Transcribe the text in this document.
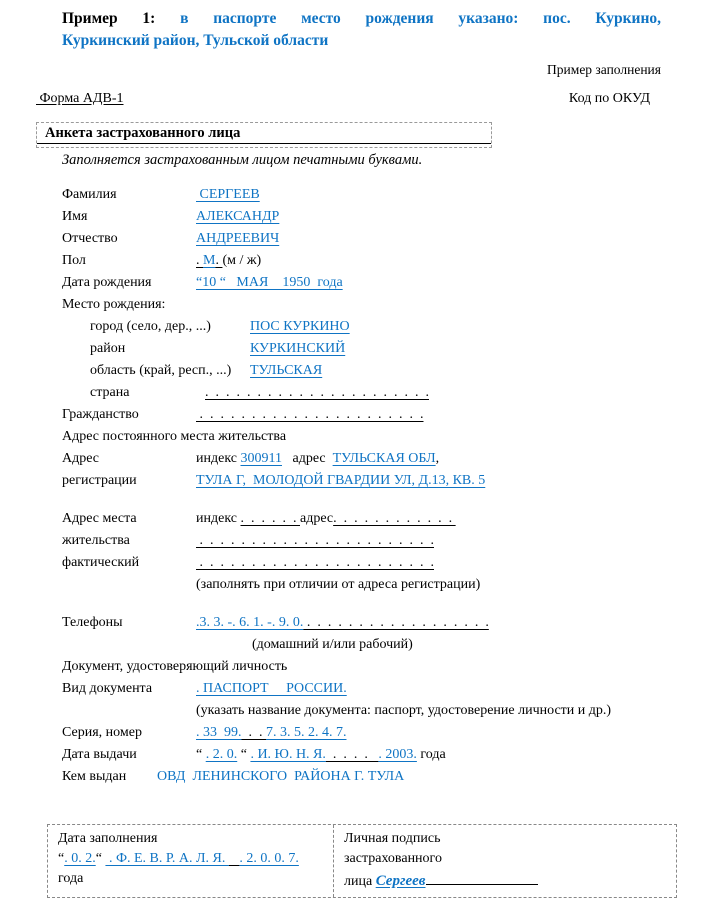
Пример 1: в паспорте место рождения указано: пос. Куркино,
Куркинский район, Тульской области
Пример заполнения
Форма АДВ-1	Код по ОКУД
Анкета застрахованного лица
Заполняется застрахованным лицом печатными буквами.
Фамилия	СЕРГЕЕВ
Имя	АЛЕКСАНДР
Отчество	АНДРЕЕВИЧ
Пол	. М. (м / ж)
Дата рождения	“10 “   МАЯ    1950  года
Место рождения:
город (село, дер., ...)	ПОС КУРКИНО
район	КУРКИНСКИЙ
область (край, респ., ...)	ТУЛЬСКАЯ
страна	.  .  .  .  .  .  .  .  .  .  .  .  .  .  .  .  .  .  .  .  .  .
Гражданство	.  .  .  .  .  .  .  .  .  .  .  .  .  .  .  .  .  .  .  .  .  .
Адрес постоянного места жительства
Адрес	индекс 300911   адрес  ТУЛЬСКАЯ ОБЛ,
регистрации	ТУЛА Г,  МОЛОДОЙ ГВАРДИИ УЛ, Д.13, КВ. 5
Адрес места	индекс .  .  .  .  .  . адрес.  .  .  .  .  .  .  .  .  .  .  .
жительства	.  .  .  .  .  .  .  .  .  .  .  .  .  .  .  .  .  .  .  .  .  .  .
фактический	.  .  .  .  .  .  .  .  .  .  .  .  .  .  .  .  .  .  .  .  .  .  .
(заполнять при отличии от адреса регистрации)
Телефоны	.3. 3. -. 6. 1. -. 9. 0. .  .  .  .  .  .  .  .  .  .  .  .  .  .  .  .  .  .
(домашний и/или рабочий)
Документ, удостоверяющий личность
Вид документа	. ПАСПОРТ     РОССИИ.
(указать название документа: паспорт, удостоверение личности и др.)
Серия, номер	. 33  99.  .  . 7. 3. 5. 2. 4. 7.
Дата выдачи	“ . 2. 0. “ . И. Ю. Н. Я.  .  .  .  .   . 2003. года
Кем выдан	ОВД  ЛЕНИНСКОГО  РАЙОНА Г. ТУЛА
Дата заполнения
“. 0. 2.“  . Ф. Е. В. Р. А. Л. Я.    . 2. 0. 0. 7.
года
Личная подпись
застрахованного
лица Сергеев
